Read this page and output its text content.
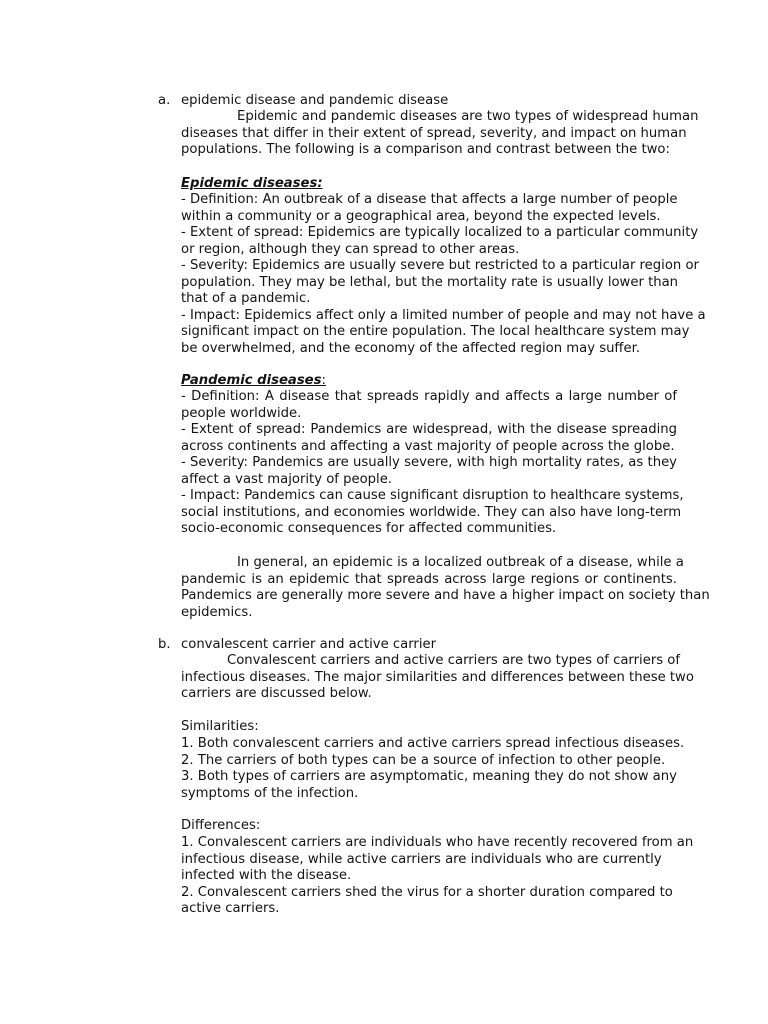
a. epidemic disease and pandemic disease
Epidemic and pandemic diseases are two types of widespread human
diseases that differ in their extent of spread, severity, and impact on human
populations. The following is a comparison and contrast between the two:
Epidemic diseases:
- Definition: An outbreak of a disease that affects a large number of people
within a community or a geographical area, beyond the expected levels.
- Extent of spread: Epidemics are typically localized to a particular community
or region, although they can spread to other areas.
- Severity: Epidemics are usually severe but restricted to a particular region or
population. They may be lethal, but the mortality rate is usually lower than
that of a pandemic.
- Impact: Epidemics affect only a limited number of people and may not have a
significant impact on the entire population. The local healthcare system may
be overwhelmed, and the economy of the affected region may suffer.
Pandemic diseases:
- Definition: A disease that spreads rapidly and affects a large number of
people worldwide.
- Extent of spread: Pandemics are widespread, with the disease spreading
across continents and affecting a vast majority of people across the globe.
- Severity: Pandemics are usually severe, with high mortality rates, as they
affect a vast majority of people.
- Impact: Pandemics can cause significant disruption to healthcare systems,
social institutions, and economies worldwide. They can also have long-term
socio-economic consequences for affected communities.
In general, an epidemic is a localized outbreak of a disease, while a
pandemic is an epidemic that spreads across large regions or continents.
Pandemics are generally more severe and have a higher impact on society than
epidemics.
b. convalescent carrier and active carrier
Convalescent carriers and active carriers are two types of carriers of
infectious diseases. The major similarities and differences between these two
carriers are discussed below.
Similarities:
1. Both convalescent carriers and active carriers spread infectious diseases.
2. The carriers of both types can be a source of infection to other people.
3. Both types of carriers are asymptomatic, meaning they do not show any
symptoms of the infection.
Differences:
1. Convalescent carriers are individuals who have recently recovered from an
infectious disease, while active carriers are individuals who are currently
infected with the disease.
2. Convalescent carriers shed the virus for a shorter duration compared to
active carriers.
